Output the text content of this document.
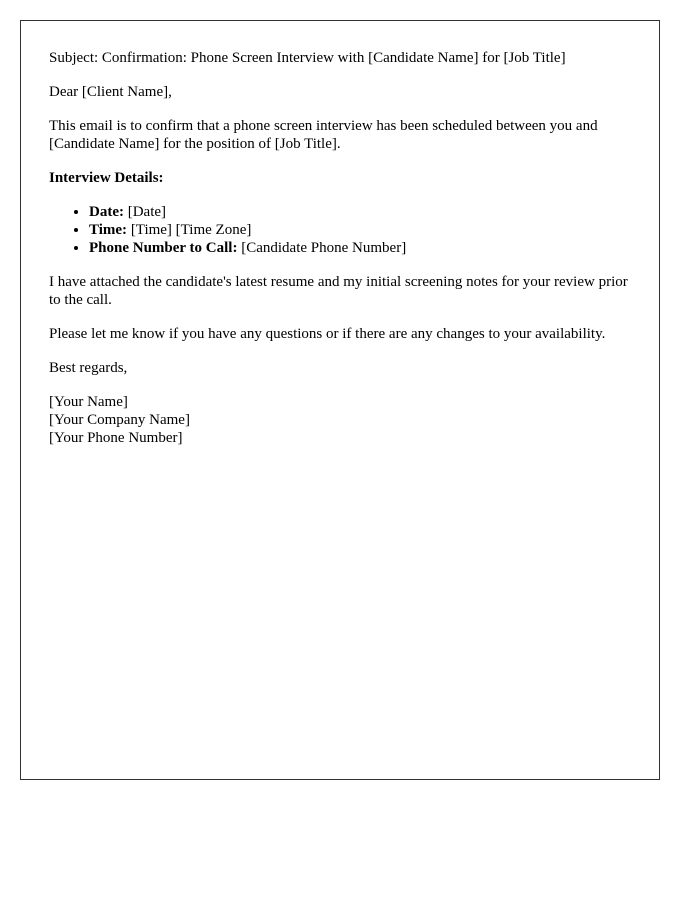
Subject: Confirmation: Phone Screen Interview with [Candidate Name] for [Job Title]

Dear [Client Name],

This email is to confirm that a phone screen interview has been scheduled between you and [Candidate Name] for the position of [Job Title].

Interview Details:

• Date: [Date]
• Time: [Time] [Time Zone]
• Phone Number to Call: [Candidate Phone Number]

I have attached the candidate's latest resume and my initial screening notes for your review prior to the call.

Please let me know if you have any questions or if there are any changes to your availability.

Best regards,

[Your Name]
[Your Company Name]
[Your Phone Number]
